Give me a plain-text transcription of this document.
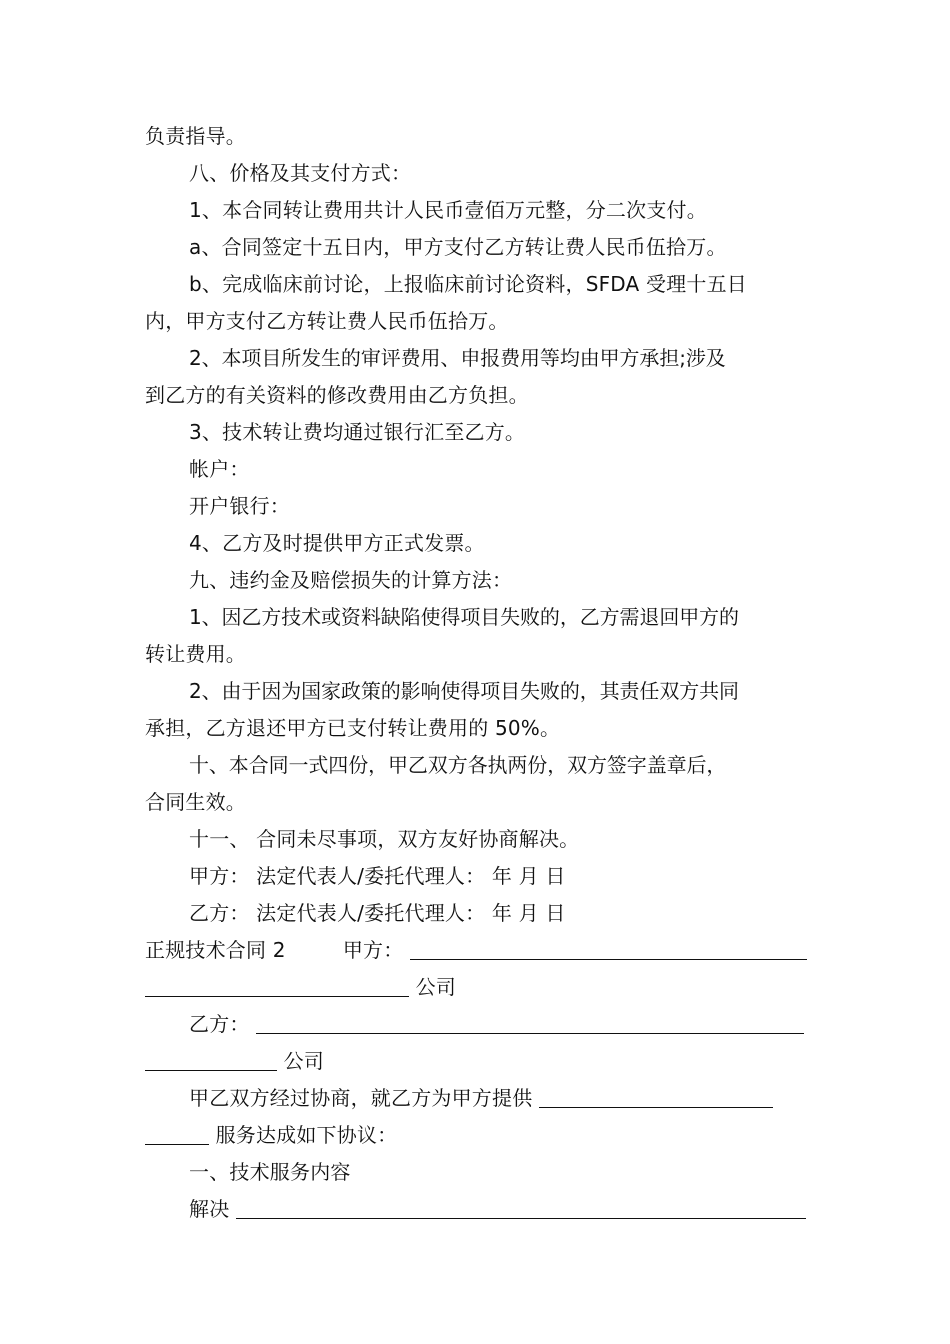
负责指导。
八、价格及其支付方式：
1、本合同转让费用共计人民币壹佰万元整，分二次支付。
a、合同签定十五日内，甲方支付乙方转让费人民币伍拾万。
b、完成临床前讨论，上报临床前讨论资料，SFDA 受理十五日
内，甲方支付乙方转让费人民币伍拾万。
2、本项目所发生的审评费用、申报费用等均由甲方承担;涉及
到乙方的有关资料的修改费用由乙方负担。
3、技术转让费均通过银行汇至乙方。
帐户：
开户银行：
4、乙方及时提供甲方正式发票。
九、违约金及赔偿损失的计算方法：
1、因乙方技术或资料缺陷使得项目失败的，乙方需退回甲方的
转让费用。
2、由于因为国家政策的影响使得项目失败的，其责任双方共同
承担，乙方退还甲方已支付转让费用的 50%。
十、本合同一式四份，甲乙双方各执两份，双方签字盖章后，
合同生效。
十一、 合同未尽事项，双方友好协商解决。
甲方： 法定代表人/委托代理人： 年 月 日
乙方： 法定代表人/委托代理人： 年 月 日
正规技术合同 2	甲方：
公司
乙方：
公司
甲乙双方经过协商，就乙方为甲方提供
服务达成如下协议：
一、技术服务内容
解决
